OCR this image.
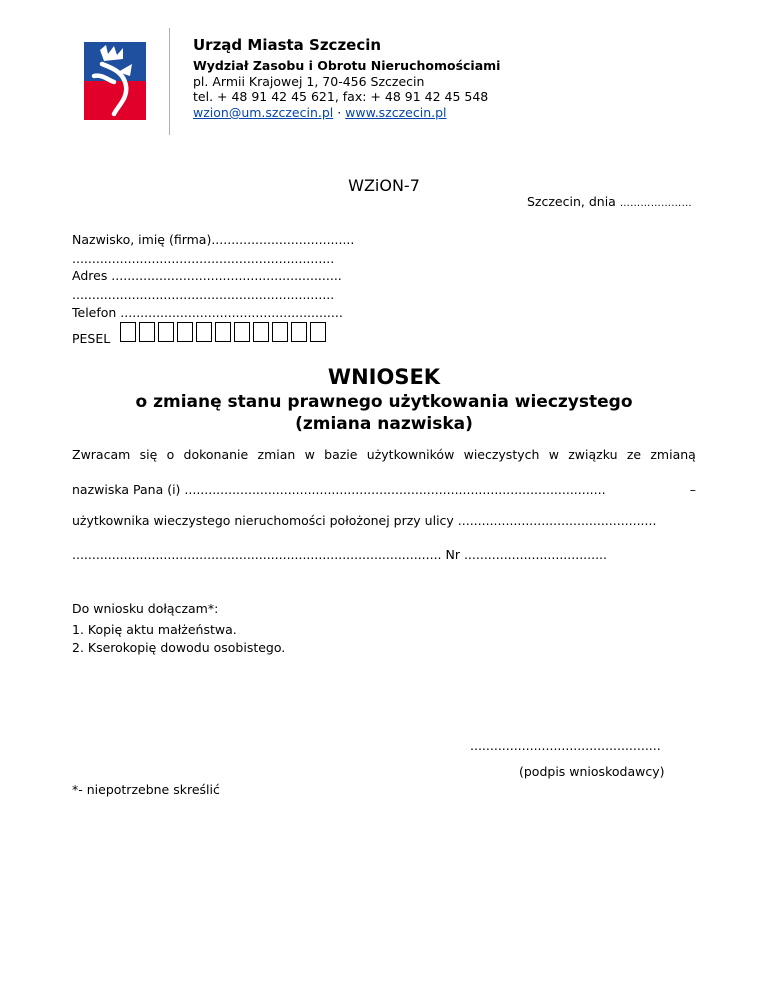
Urząd Miasta Szczecin
Wydział Zasobu i Obrotu Nieruchomościami
pl. Armii Krajowej 1, 70-456 Szczecin
tel. + 48 91 42 45 621, fax: + 48 91 42 45 548
wzion@um.szczecin.pl · www.szczecin.pl
WZiON-7
Szczecin, dnia …………………
Nazwisko, imię (firma)....................................
..................................................................
Adres ..........................................................
..................................................................
Telefon ........................................................
PESEL
WNIOSEK
o zmianę stanu prawnego użytkowania wieczystego
(zmiana nazwiska)
Zwracam się o dokonanie zmian w bazie użytkowników wieczystych w związku ze zmianą
nazwiska Pana (i) ..........................................................................................................	–
użytkownika wieczystego nieruchomości położonej przy ulicy ..................................................
............................................................................................. Nr ....................................
Do wniosku dołączam*:
1. Kopię aktu małżeństwa.
2. Kserokopię dowodu osobistego.
................................................
(podpis wnioskodawcy)
*- niepotrzebne skreślić
